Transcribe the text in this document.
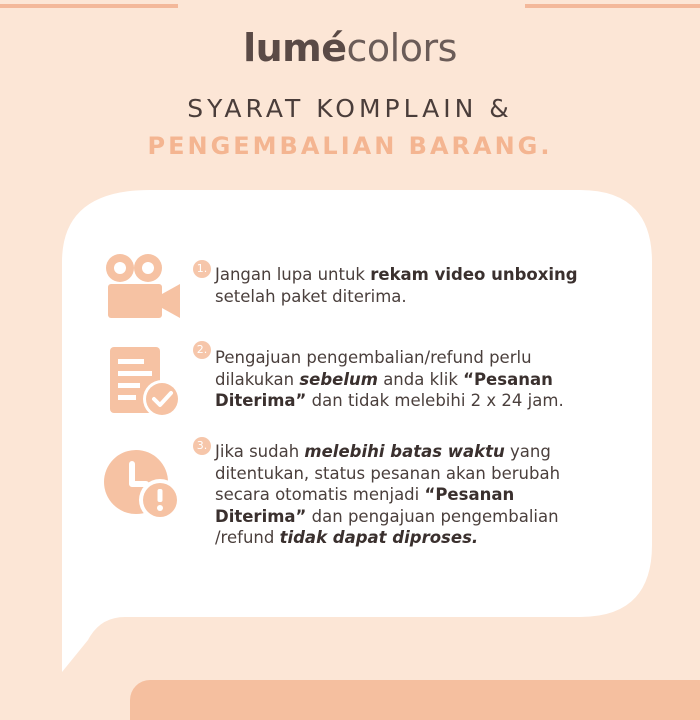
lumécolors
SYARAT KOMPLAIN &
PENGEMBALIAN BARANG.
1. Jangan lupa untuk rekam video unboxing
setelah paket diterima.
2. Pengajuan pengembalian/refund perlu
dilakukan sebelum anda klik “Pesanan
Diterima” dan tidak melebihi 2 x 24 jam.
3. Jika sudah melebihi batas waktu yang
ditentukan, status pesanan akan berubah
secara otomatis menjadi “Pesanan
Diterima” dan pengajuan pengembalian
/refund tidak dapat diproses.
